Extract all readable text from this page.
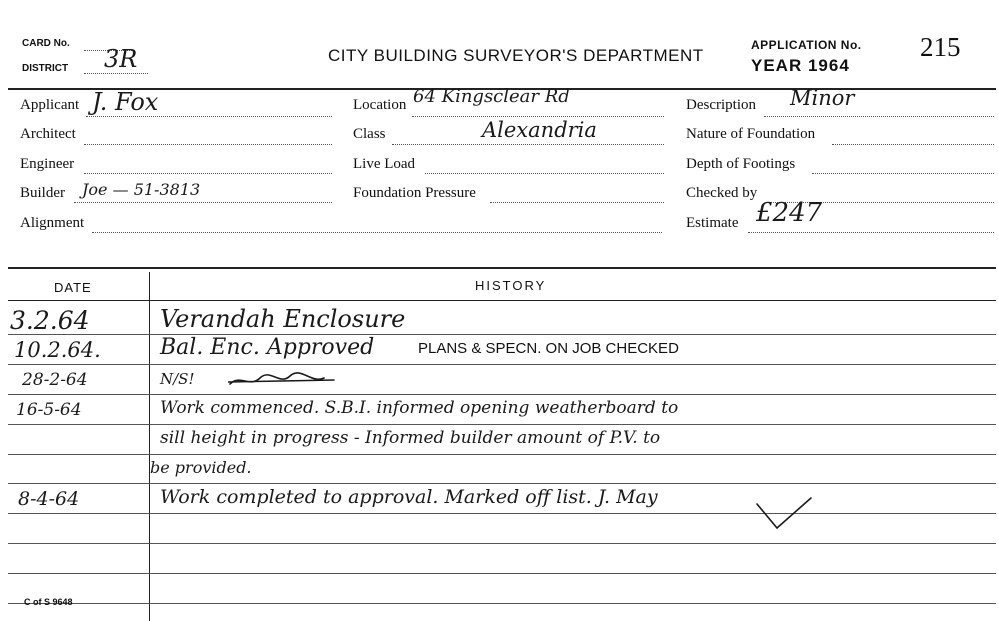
CARD No.
DISTRICT 3R	CITY BUILDING SURVEYOR'S DEPARTMENT
APPLICATION No.
YEAR 1964
215
Applicant J. Fox
Architect
Engineer
Builder Joe — 51-3813
Alignment
Location 64 Kingsclear Rd
Class	Alexandria
Live Load
Foundation Pressure
Description Minor
Nature of Foundation
Depth of Footings
Checked by
Estimate £247
DATE	HISTORY
3.2.64	Verandah Enclosure
10.2.64.	Bal. Enc. Approved	PLANS & SPECN. ON JOB CHECKED
28-2-64	N/S!
16-5-64	Work commenced. S.B.I. informed opening weatherboard to
sill height in progress - Informed builder amount of P.V. to
be provided.
8-4-64	Work completed to approval. Marked off list. J. May
C of S 9648
